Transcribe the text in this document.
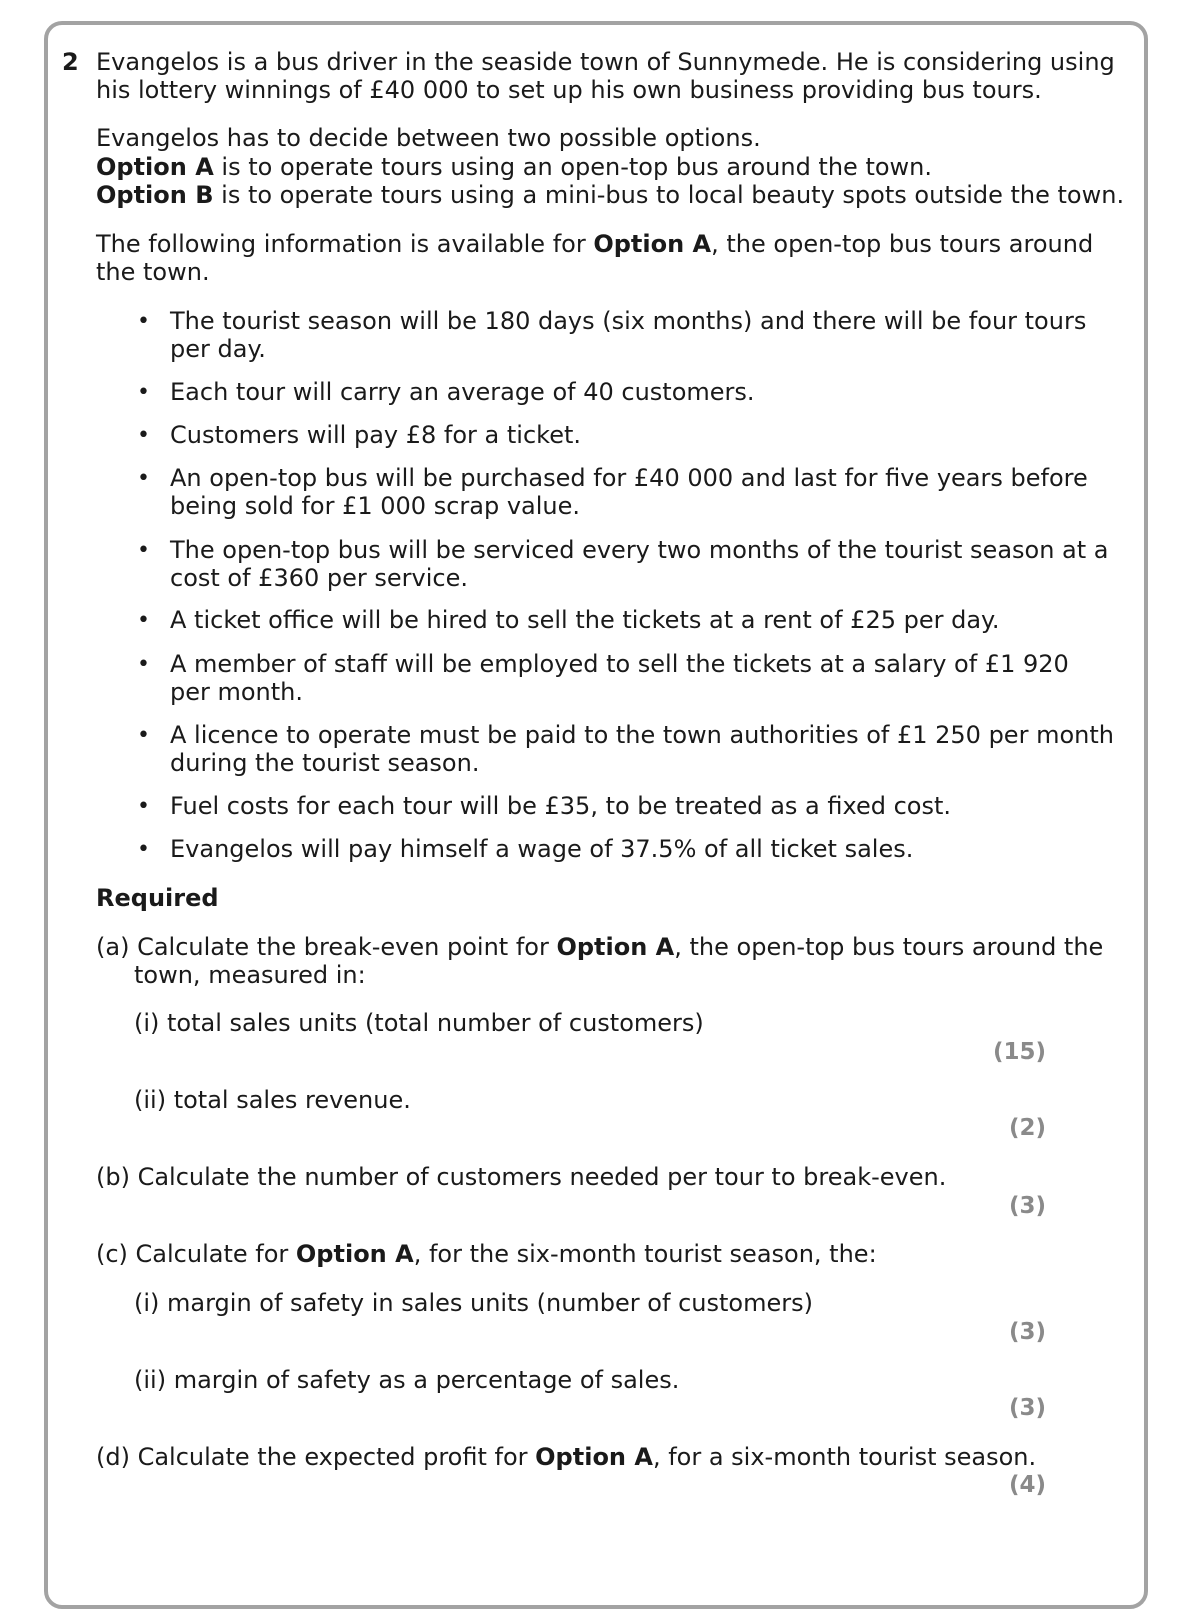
2 Evangelos is a bus driver in the seaside town of Sunnymede. He is considering using
his lottery winnings of £40 000 to set up his own business providing bus tours.
Evangelos has to decide between two possible options.
Option A is to operate tours using an open-top bus around the town.
Option B is to operate tours using a mini-bus to local beauty spots outside the town.
The following information is available for Option A, the open-top bus tours around
the town.
• The tourist season will be 180 days (six months) and there will be four tours
per day.
• Each tour will carry an average of 40 customers.
• Customers will pay £8 for a ticket.
• An open-top bus will be purchased for £40 000 and last for five years before
being sold for £1 000 scrap value.
• The open-top bus will be serviced every two months of the tourist season at a
cost of £360 per service.
• A ticket office will be hired to sell the tickets at a rent of £25 per day.
• A member of staff will be employed to sell the tickets at a salary of £1 920
per month.
• A licence to operate must be paid to the town authorities of £1 250 per month
during the tourist season.
• Fuel costs for each tour will be £35, to be treated as a fixed cost.
• Evangelos will pay himself a wage of 37.5% of all ticket sales.
Required
(a) Calculate the break-even point for Option A, the open-top bus tours around the
town, measured in:
(i) total sales units (total number of customers)
(15)
(ii) total sales revenue.
(2)
(b) Calculate the number of customers needed per tour to break-even.
(3)
(c) Calculate for Option A, for the six-month tourist season, the:
(i) margin of safety in sales units (number of customers)
(3)
(ii) margin of safety as a percentage of sales.
(3)
(d) Calculate the expected profit for Option A, for a six-month tourist season.
(4)
